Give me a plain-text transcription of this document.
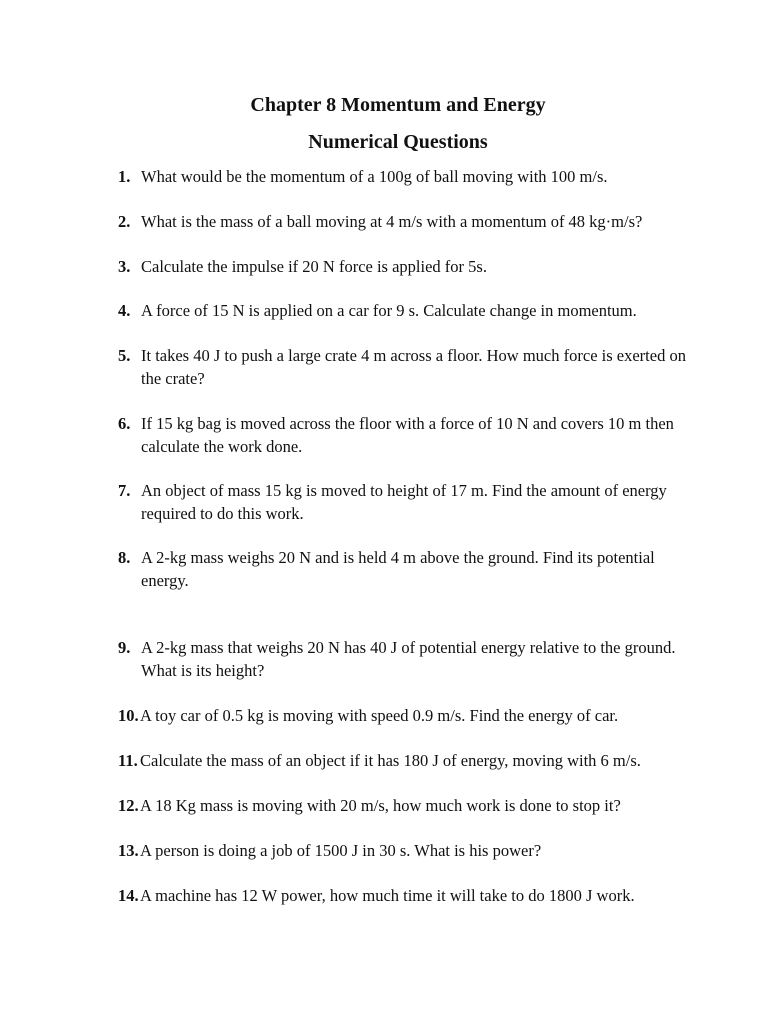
Chapter 8 Momentum and Energy
Numerical Questions
1. What would be the momentum of a 100g of ball moving with 100 m/s.
2. What is the mass of a ball moving at 4 m/s with a momentum of 48 kg·m/s?
3. Calculate the impulse if 20 N force is applied for 5s.
4. A force of 15 N is applied on a car for 9 s. Calculate change in momentum.
5. It takes 40 J to push a large crate 4 m across a floor. How much force is exerted on the crate?
6. If 15 kg bag is moved across the floor with a force of 10 N and covers 10 m then calculate the work done.
7. An object of mass 15 kg is moved to height of 17 m. Find the amount of energy required to do this work.
8. A 2-kg mass weighs 20 N and is held 4 m above the ground. Find its potential energy.
9. A 2-kg mass that weighs 20 N has 40 J of potential energy relative to the ground. What is its height?
10. A toy car of 0.5 kg is moving with speed 0.9 m/s. Find the energy of car.
11. Calculate the mass of an object if it has 180 J of energy, moving with 6 m/s.
12. A 18 Kg mass is moving with 20 m/s, how much work is done to stop it?
13. A person is doing a job of 1500 J in 30 s. What is his power?
14. A machine has 12 W power, how much time it will take to do 1800 J work.
